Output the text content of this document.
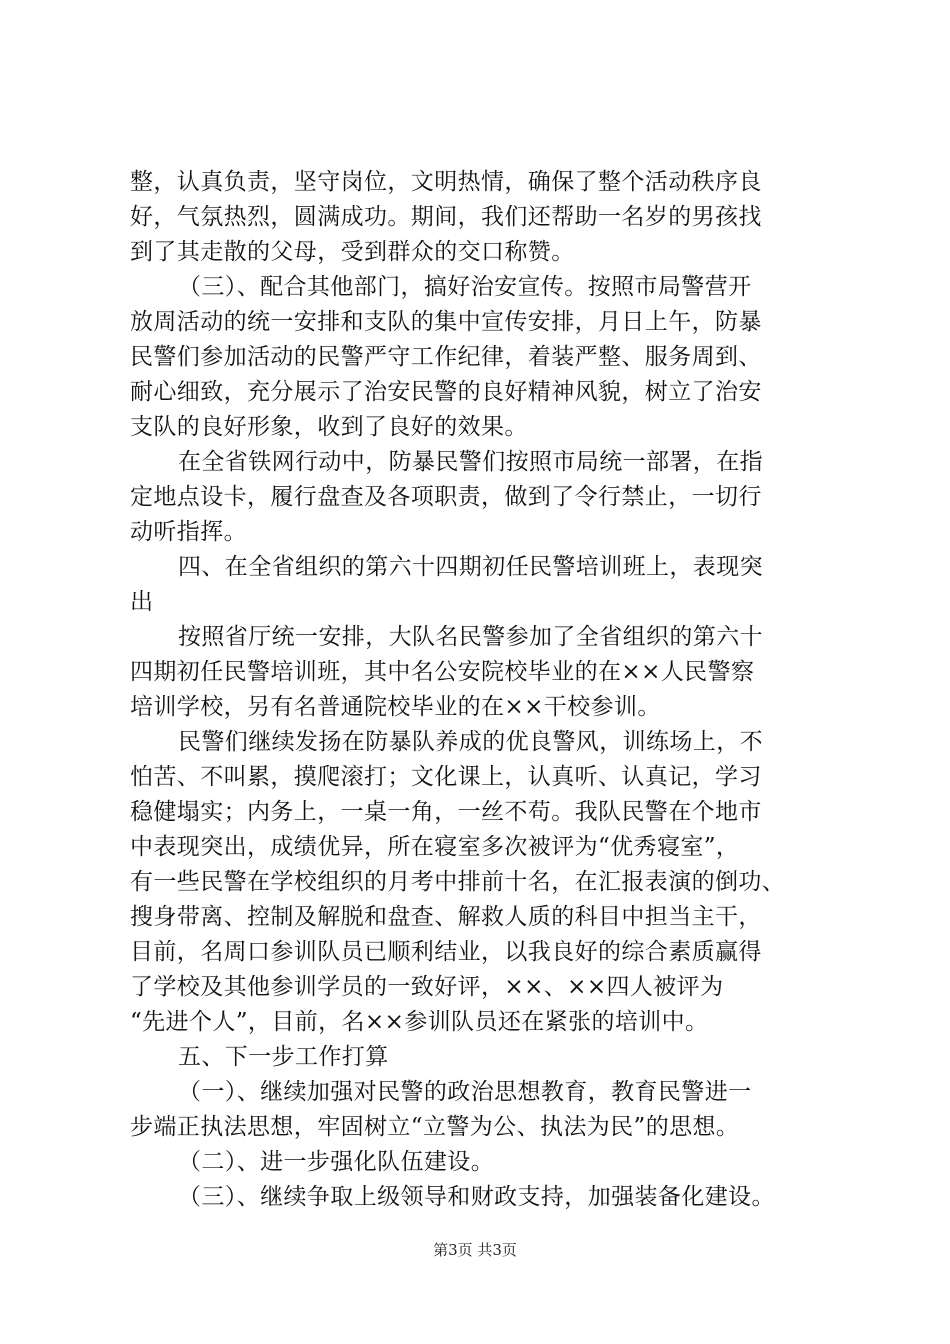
整，认真负责，坚守岗位，文明热情，确保了整个活动秩序良
好，气氛热烈，圆满成功。期间，我们还帮助一名岁的男孩找
到了其走散的父母，受到群众的交口称赞。
（三）、配合其他部门，搞好治安宣传。按照市局警营开
放周活动的统一安排和支队的集中宣传安排，月日上午，防暴
民警们参加活动的民警严守工作纪律，着装严整、服务周到、
耐心细致，充分展示了治安民警的良好精神风貌，树立了治安
支队的良好形象，收到了良好的效果。
在全省铁网行动中，防暴民警们按照市局统一部署，在指
定地点设卡，履行盘查及各项职责，做到了令行禁止，一切行
动听指挥。
四、在全省组织的第六十四期初任民警培训班上，表现突
出
按照省厅统一安排，大队名民警参加了全省组织的第六十
四期初任民警培训班，其中名公安院校毕业的在××人民警察
培训学校，另有名普通院校毕业的在××干校参训。
民警们继续发扬在防暴队养成的优良警风，训练场上，不
怕苦、不叫累，摸爬滚打；文化课上，认真听、认真记，学习
稳健塌实；内务上，一桌一角，一丝不苟。我队民警在个地市
中表现突出，成绩优异，所在寝室多次被评为“优秀寝室”，
有一些民警在学校组织的月考中排前十名，在汇报表演的倒功、
搜身带离、控制及解脱和盘查、解救人质的科目中担当主干，
目前，名周口参训队员已顺利结业，以我良好的综合素质赢得
了学校及其他参训学员的一致好评，××、××四人被评为
“先进个人”，目前，名××参训队员还在紧张的培训中。
五、下一步工作打算
（一）、继续加强对民警的政治思想教育，教育民警进一
步端正执法思想，牢固树立“立警为公、执法为民”的思想。
（二）、进一步强化队伍建设。
（三）、继续争取上级领导和财政支持，加强装备化建设。
第3页 共3页
